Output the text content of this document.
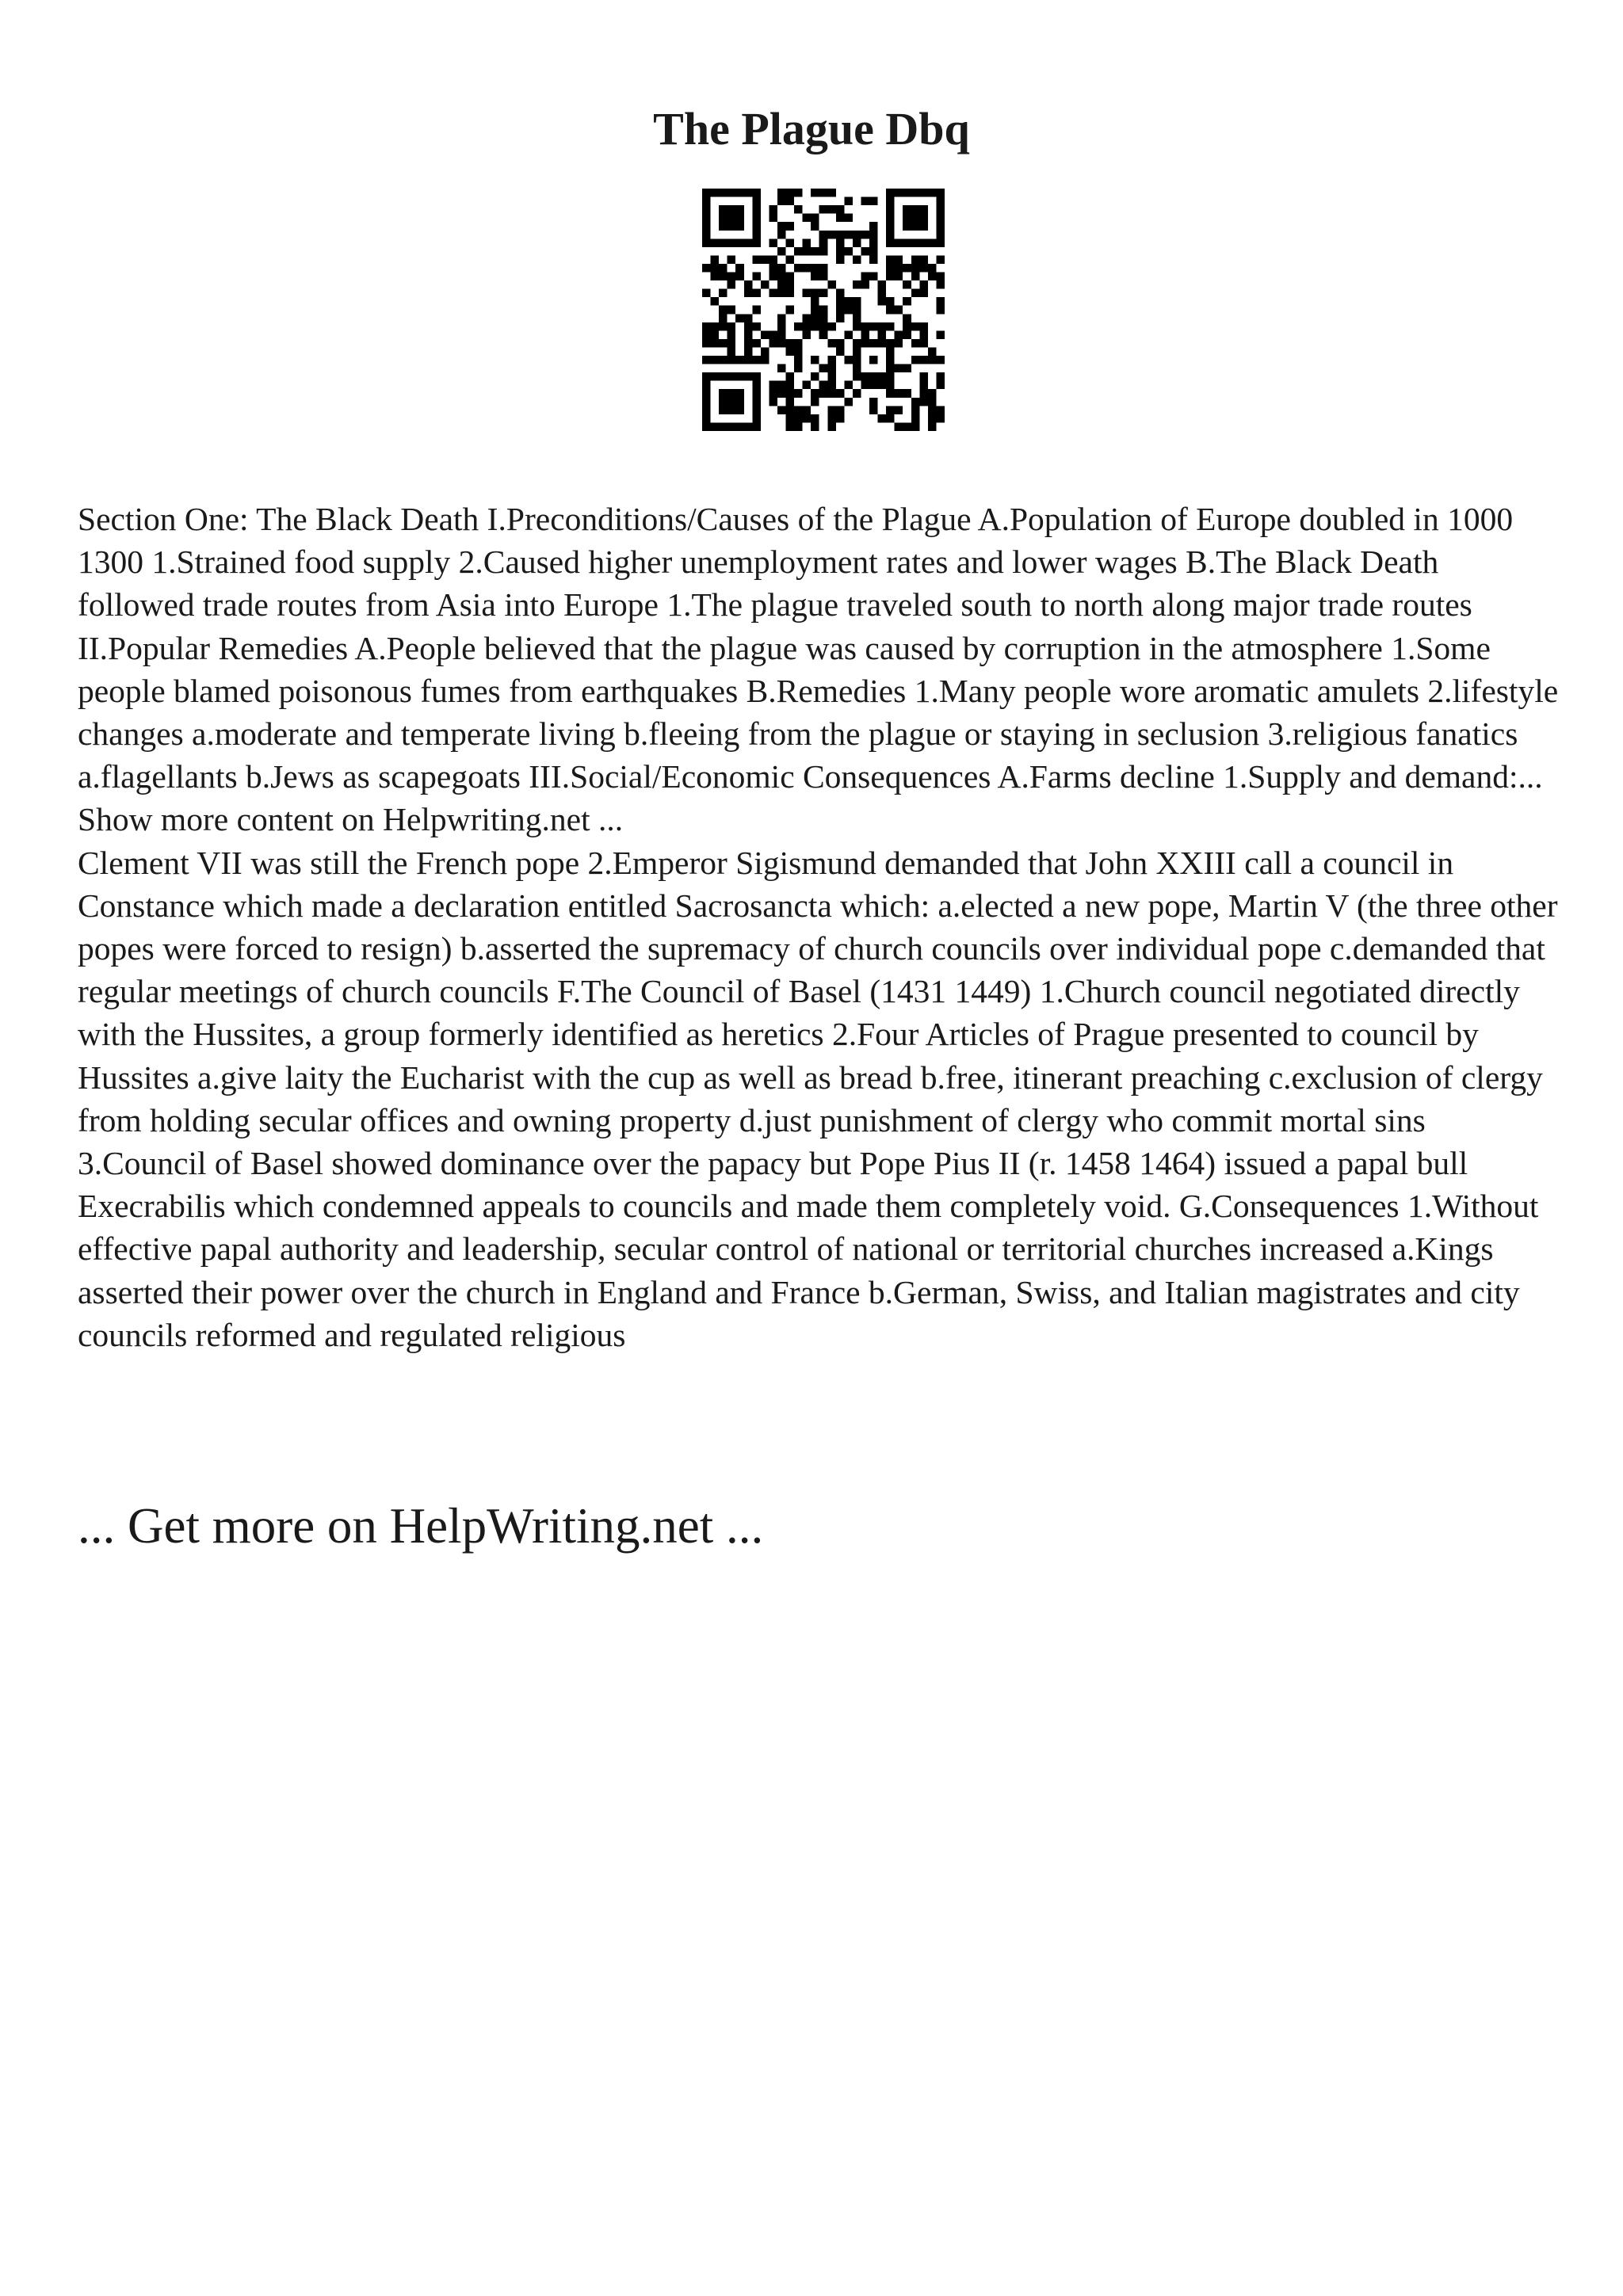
The Plague Dbq

Section One: The Black Death I.Preconditions/Causes of the Plague A.Population of Europe doubled in 1000 1300 1.Strained food supply 2.Caused higher unemployment rates and lower wages B.The Black Death followed trade routes from Asia into Europe 1.The plague traveled south to north along major trade routes II.Popular Remedies A.People believed that the plague was caused by corruption in the atmosphere 1.Some people blamed poisonous fumes from earthquakes B.Remedies 1.Many people wore aromatic amulets 2.lifestyle changes a.moderate and temperate living b.fleeing from the plague or staying in seclusion 3.religious fanatics a.flagellants b.Jews as scapegoats III.Social/Economic Consequences A.Farms decline 1.Supply and demand:... Show more content on Helpwriting.net ...

Clement VII was still the French pope 2.Emperor Sigismund demanded that John XXIII call a council in Constance which made a declaration entitled Sacrosancta which: a.elected a new pope, Martin V (the three other popes were forced to resign) b.asserted the supremacy of church councils over individual pope c.demanded that regular meetings of church councils F.The Council of Basel (1431 1449) 1.Church council negotiated directly with the Hussites, a group formerly identified as heretics 2.Four Articles of Prague presented to council by Hussites a.give laity the Eucharist with the cup as well as bread b.free, itinerant preaching c.exclusion of clergy from holding secular offices and owning property d.just punishment of clergy who commit mortal sins 3.Council of Basel showed dominance over the papacy but Pope Pius II (r. 1458 1464) issued a papal bull Execrabilis which condemned appeals to councils and made them completely void. G.Consequences 1.Without effective papal authority and leadership, secular control of national or territorial churches increased a.Kings asserted their power over the church in England and France b.German, Swiss, and Italian magistrates and city councils reformed and regulated religious

... Get more on HelpWriting.net ...
